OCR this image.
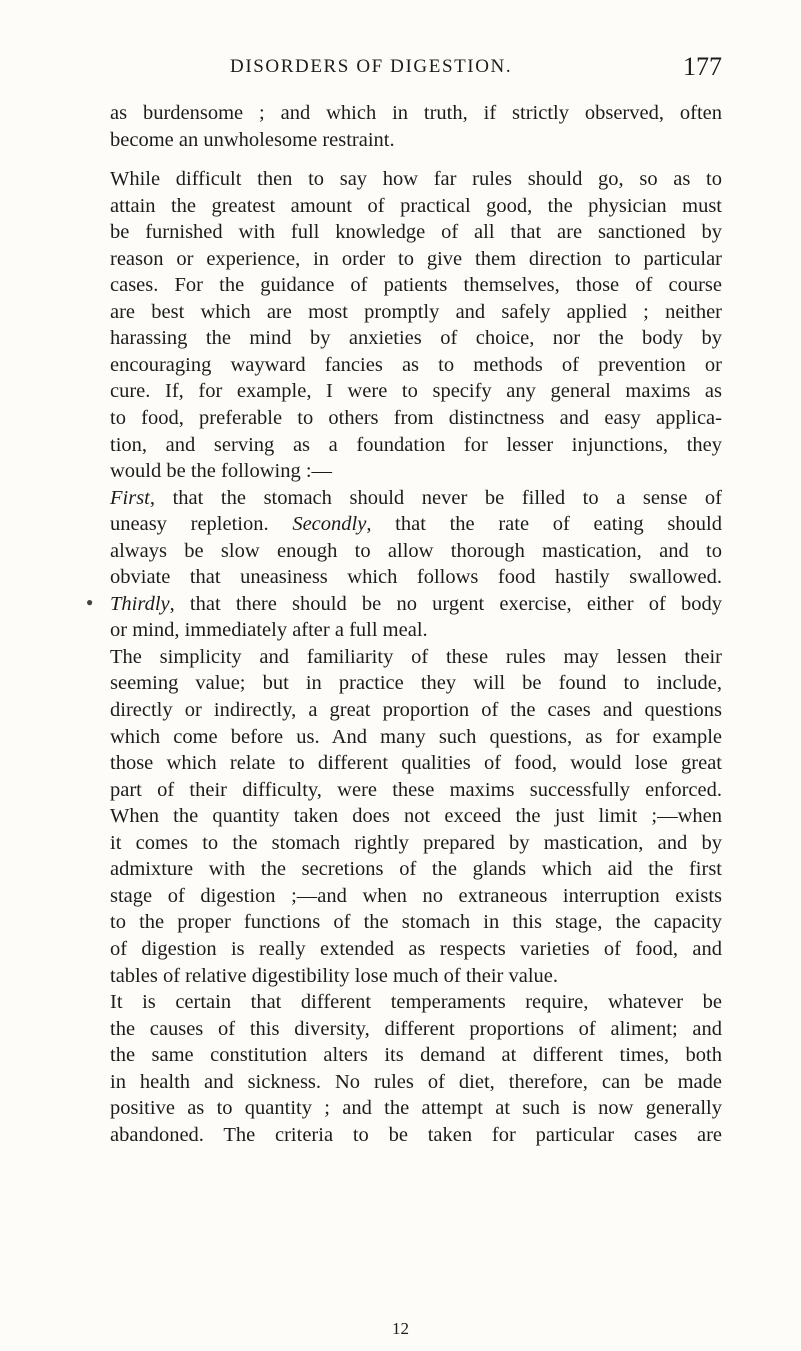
DISORDERS OF DIGESTION.	177
●
as burdensome ; and which in truth, if strictly observed, often
become an unwholesome restraint.
While difficult then to say how far rules should go, so as to
attain the greatest amount of practical good, the physician must
be furnished with full knowledge of all that are sanctioned by
reason or experience, in order to give them direction to particular
cases. For the guidance of patients themselves, those of course
are best which are most promptly and safely applied ; neither
harassing the mind by anxieties of choice, nor the body by
encouraging wayward fancies as to methods of prevention or
cure. If, for example, I were to specify any general maxims as
to food, preferable to others from distinctness and easy applica-
tion, and serving as a foundation for lesser injunctions, they
would be the following :—
First, that the stomach should never be filled to a sense of
uneasy repletion. Secondly, that the rate of eating should
always be slow enough to allow thorough mastication, and to
obviate that uneasiness which follows food hastily swallowed.
Thirdly, that there should be no urgent exercise, either of body
or mind, immediately after a full meal.
The simplicity and familiarity of these rules may lessen their
seeming value; but in practice they will be found to include,
directly or indirectly, a great proportion of the cases and questions
which come before us. And many such questions, as for example
those which relate to different qualities of food, would lose great
part of their difficulty, were these maxims successfully enforced.
When the quantity taken does not exceed the just limit ;—when
it comes to the stomach rightly prepared by mastication, and by
admixture with the secretions of the glands which aid the first
stage of digestion ;—and when no extraneous interruption exists
to the proper functions of the stomach in this stage, the capacity
of digestion is really extended as respects varieties of food, and
tables of relative digestibility lose much of their value.
It is certain that different temperaments require, whatever be
the causes of this diversity, different proportions of aliment; and
the same constitution alters its demand at different times, both
in health and sickness. No rules of diet, therefore, can be made
positive as to quantity ; and the attempt at such is now generally
abandoned. The criteria to be taken for particular cases are
12
